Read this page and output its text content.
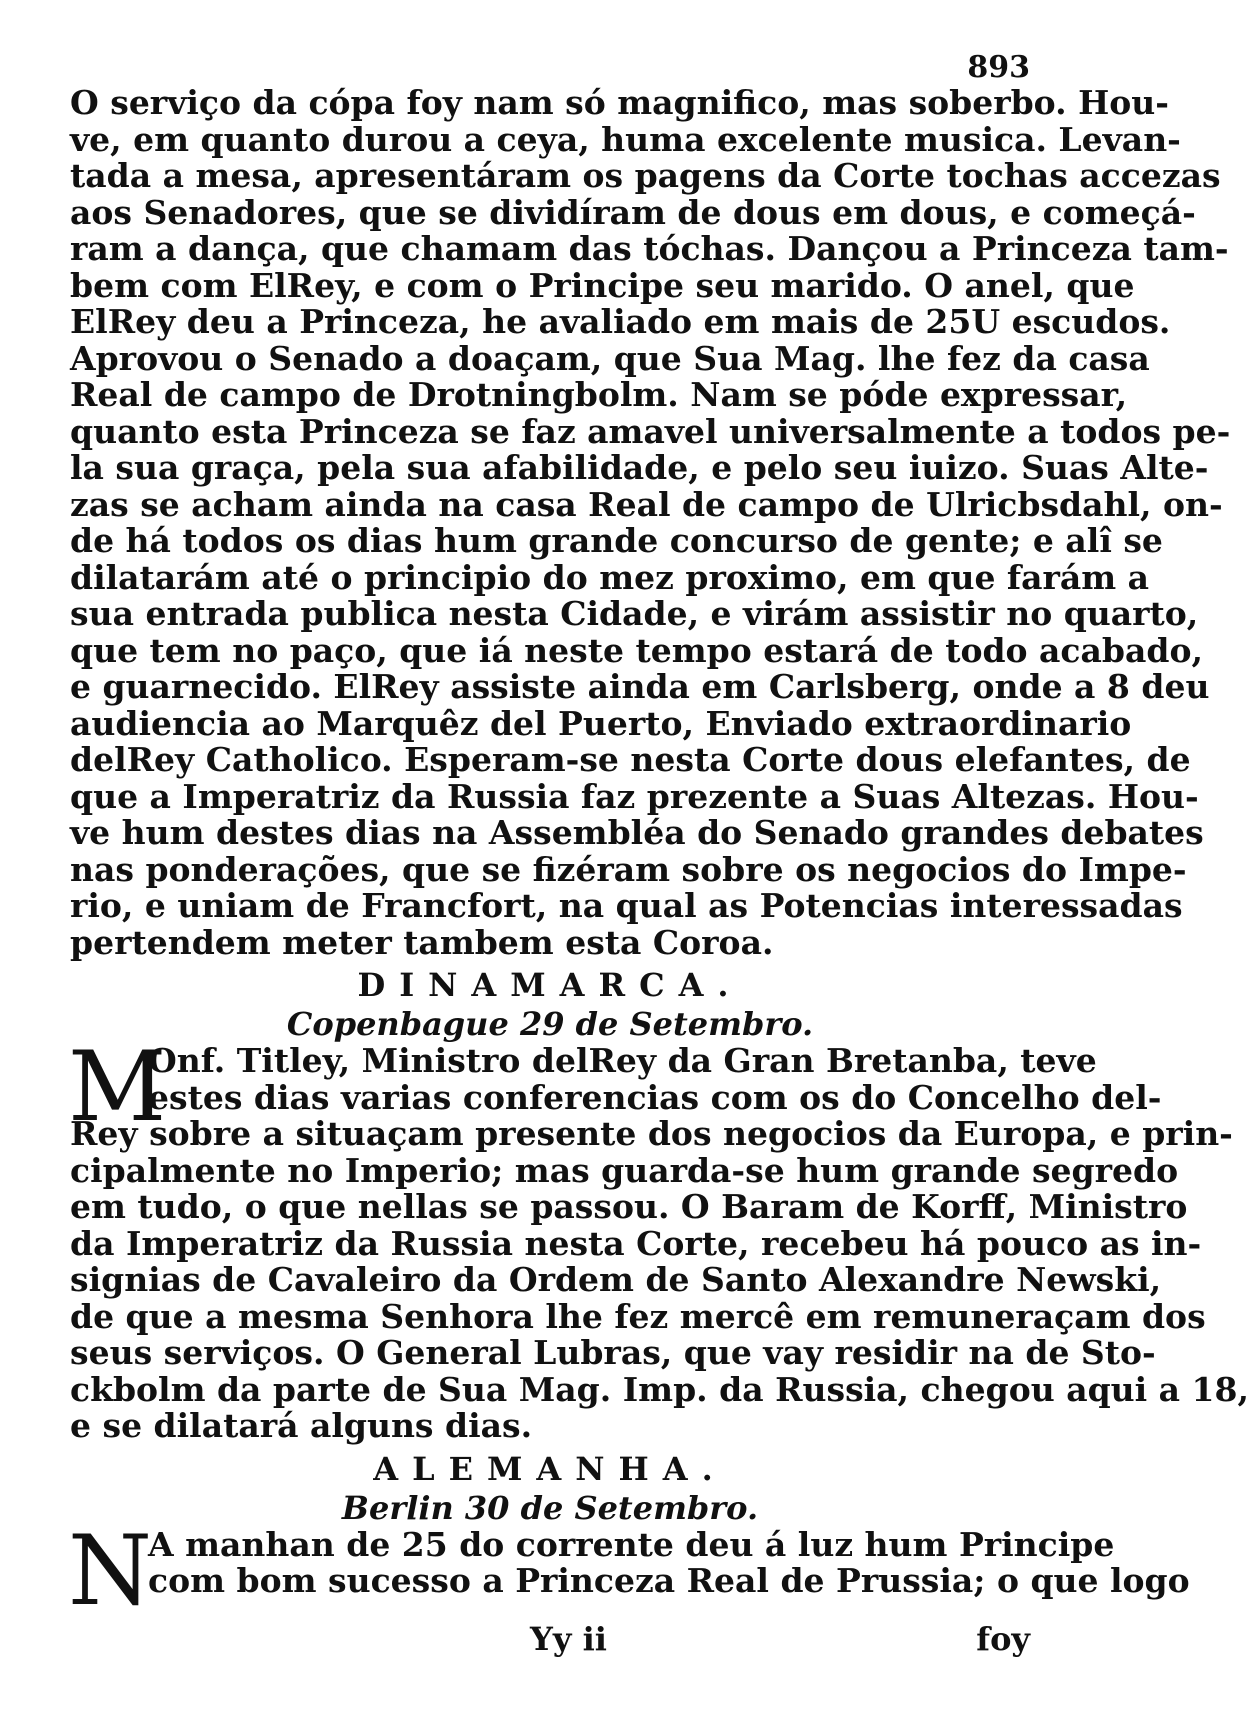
893
O serviço da cópa foy nam só magnifico, mas soberbo. Hou-
ve, em quanto durou a ceya, huma excelente musica. Levan-
tada a mesa, apresentáram os pagens da Corte tochas accezas
aos Senadores, que se dividíram de dous em dous, e começá-
ram a dança, que chamam das tóchas. Dançou a Princeza tam-
bem com ElRey, e com o Principe seu marido. O anel, que
ElRey deu a Princeza, he avaliado em mais de 25U escudos.
Aprovou o Senado a doaçam, que Sua Mag. lhe fez da casa
Real de campo de Drotningbolm. Nam se póde expressar,
quanto esta Princeza se faz amavel universalmente a todos pe-
la sua graça, pela sua afabilidade, e pelo seu iuizo. Suas Alte-
zas se acham ainda na casa Real de campo de Ulricbsdahl, on-
de há todos os dias hum grande concurso de gente; e alî se
dilatarám até o principio do mez proximo, em que farám a
sua entrada publica nesta Cidade, e virám assistir no quarto,
que tem no paço, que iá neste tempo estará de todo acabado,
e guarnecido. ElRey assiste ainda em Carlsberg, onde a 8 deu
audiencia ao Marquêz del Puerto, Enviado extraordinario
delRey Catholico. Esperam-se nesta Corte dous elefantes, de
que a Imperatriz da Russia faz prezente a Suas Altezas. Hou-
ve hum destes dias na Assembléa do Senado grandes debates
nas ponderações, que se fizéram sobre os negocios do Impe-
rio, e uniam de Francfort, na qual as Potencias interessadas
pertendem meter tambem esta Coroa.
DINAMARCA.
Copenbague 29 de Setembro.
M
Onf. Titley, Ministro delRey da Gran Bretanba, teve
estes dias varias conferencias com os do Concelho del-
Rey sobre a situaçam presente dos negocios da Europa, e prin-
cipalmente no Imperio; mas guarda-se hum grande segredo
em tudo, o que nellas se passou. O Baram de Korff, Ministro
da Imperatriz da Russia nesta Corte, recebeu há pouco as in-
signias de Cavaleiro da Ordem de Santo Alexandre Newski,
de que a mesma Senhora lhe fez mercê em remuneraçam dos
seus serviços. O General Lubras, que vay residir na de Sto-
ckbolm da parte de Sua Mag. Imp. da Russia, chegou aqui a 18,
e se dilatará alguns dias.
ALEMANHA.
Berlin 30 de Setembro.
N
A manhan de 25 do corrente deu á luz hum Principe
com bom sucesso a Princeza Real de Prussia; o que logo
Yy ii	foy
